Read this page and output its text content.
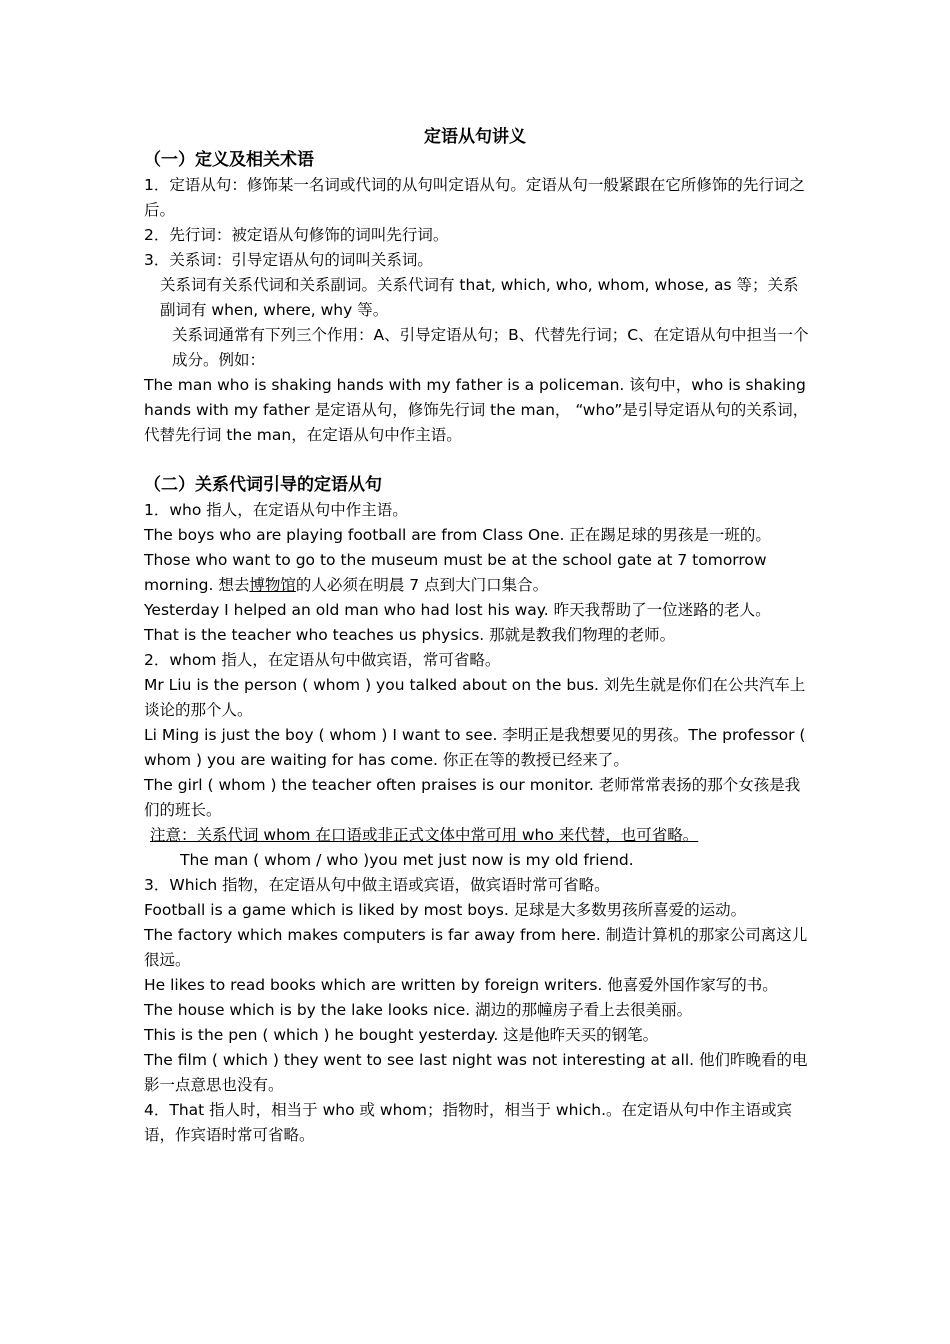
定语从句讲义

（一）定义及相关术语

1．定语从句：修饰某一名词或代词的从句叫定语从句。定语从句一般紧跟在它所修饰的先行词之后。

2．先行词：被定语从句修饰的词叫先行词。

3．关系词：引导定语从句的词叫关系词。

关系词有关系代词和关系副词。关系代词有 that, which, who, whom, whose, as 等；关系副词有 when, where, why 等。

关系词通常有下列三个作用：A、引导定语从句；B、代替先行词；C、在定语从句中担当一个成分。例如：

The man who is shaking hands with my father is a policeman. 该句中，who is shaking hands with my father 是定语从句，修饰先行词 the man， “who”是引导定语从句的关系词，代替先行词 the man，在定语从句中作主语。

（二）关系代词引导的定语从句

1．who 指人，在定语从句中作主语。

The boys who are playing football are from Class One. 正在踢足球的男孩是一班的。

Those who want to go to the museum must be at the school gate at 7 tomorrow morning. 想去博物馆的人必须在明晨 7 点到大门口集合。

Yesterday I helped an old man who had lost his way. 昨天我帮助了一位迷路的老人。

That is the teacher who teaches us physics. 那就是教我们物理的老师。

2．whom 指人，在定语从句中做宾语，常可省略。

Mr Liu is the person ( whom ) you talked about on the bus. 刘先生就是你们在公共汽车上谈论的那个人。

Li Ming is just the boy ( whom ) I want to see. 李明正是我想要见的男孩。The professor ( whom ) you are waiting for has come. 你正在等的教授已经来了。

The girl ( whom ) the teacher often praises is our monitor. 老师常常表扬的那个女孩是我们的班长。

注意：关系代词 whom 在口语或非正式文体中常可用 who 来代替，也可省略。

The man ( whom / who )you met just now is my old friend.

3．Which 指物，在定语从句中做主语或宾语，做宾语时常可省略。

Football is a game which is liked by most boys. 足球是大多数男孩所喜爱的运动。

The factory which makes computers is far away from here. 制造计算机的那家公司离这儿很远。

He likes to read books which are written by foreign writers. 他喜爱外国作家写的书。

The house which is by the lake looks nice. 湖边的那幢房子看上去很美丽。

This is the pen ( which ) he bought yesterday. 这是他昨天买的钢笔。

The film ( which ) they went to see last night was not interesting at all. 他们昨晚看的电影一点意思也没有。

4．That 指人时，相当于 who 或 whom；指物时，相当于 which.。在定语从句中作主语或宾语，作宾语时常可省略。
